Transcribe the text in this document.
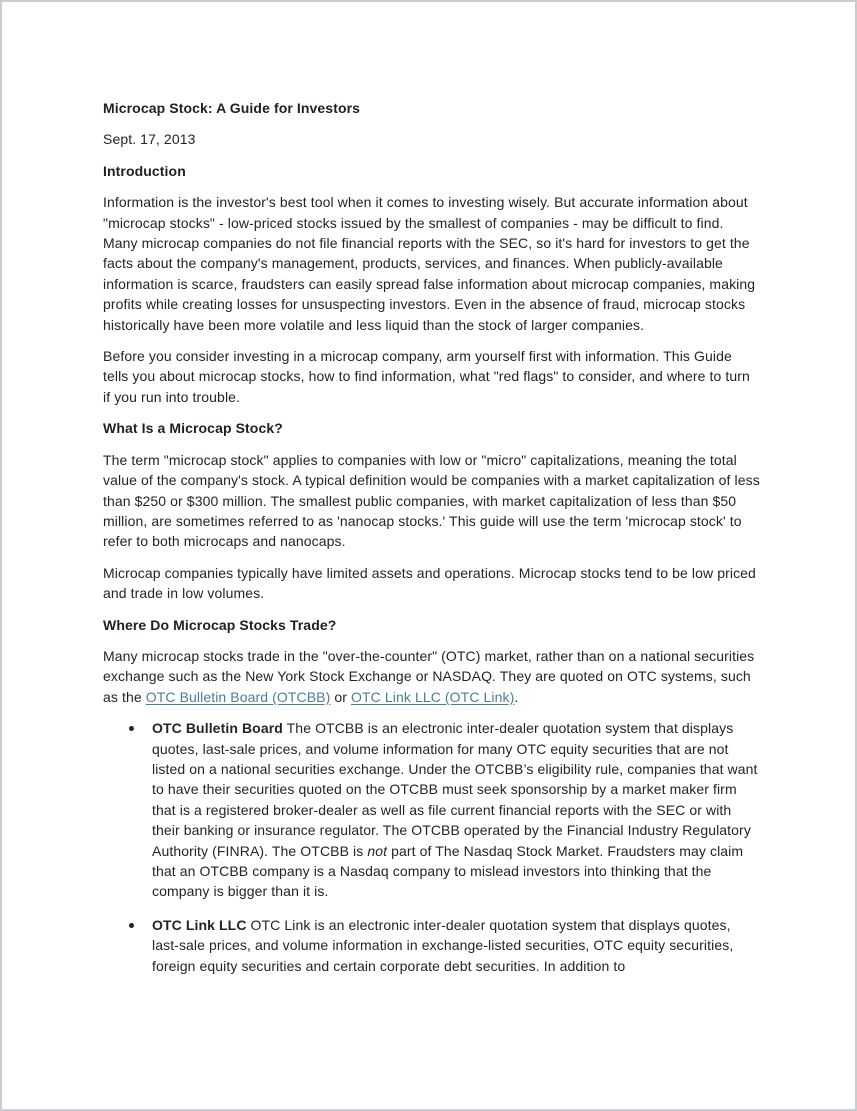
Microcap Stock: A Guide for Investors

Sept. 17, 2013

Introduction

Information is the investor's best tool when it comes to investing wisely. But accurate information about "microcap stocks" - low-priced stocks issued by the smallest of companies - may be difficult to find. Many microcap companies do not file financial reports with the SEC, so it's hard for investors to get the facts about the company's management, products, services, and finances. When publicly-available information is scarce, fraudsters can easily spread false information about microcap companies, making profits while creating losses for unsuspecting investors. Even in the absence of fraud, microcap stocks historically have been more volatile and less liquid than the stock of larger companies.

Before you consider investing in a microcap company, arm yourself first with information. This Guide tells you about microcap stocks, how to find information, what "red flags" to consider, and where to turn if you run into trouble.

What Is a Microcap Stock?

The term "microcap stock" applies to companies with low or "micro" capitalizations, meaning the total value of the company's stock. A typical definition would be companies with a market capitalization of less than $250 or $300 million. The smallest public companies, with market capitalization of less than $50 million, are sometimes referred to as 'nanocap stocks.' This guide will use the term 'microcap stock' to refer to both microcaps and nanocaps.

Microcap companies typically have limited assets and operations. Microcap stocks tend to be low priced and trade in low volumes.

Where Do Microcap Stocks Trade?

Many microcap stocks trade in the "over-the-counter" (OTC) market, rather than on a national securities exchange such as the New York Stock Exchange or NASDAQ. They are quoted on OTC systems, such as the OTC Bulletin Board (OTCBB) or OTC Link LLC (OTC Link).

OTC Bulletin Board The OTCBB is an electronic inter-dealer quotation system that displays quotes, last-sale prices, and volume information for many OTC equity securities that are not listed on a national securities exchange. Under the OTCBB’s eligibility rule, companies that want to have their securities quoted on the OTCBB must seek sponsorship by a market maker firm that is a registered broker-dealer as well as file current financial reports with the SEC or with their banking or insurance regulator. The OTCBB operated by the Financial Industry Regulatory Authority (FINRA). The OTCBB is not part of The Nasdaq Stock Market. Fraudsters may claim that an OTCBB company is a Nasdaq company to mislead investors into thinking that the company is bigger than it is.
OTC Link LLC OTC Link is an electronic inter-dealer quotation system that displays quotes, last-sale prices, and volume information in exchange-listed securities, OTC equity securities, foreign equity securities and certain corporate debt securities. In addition to
